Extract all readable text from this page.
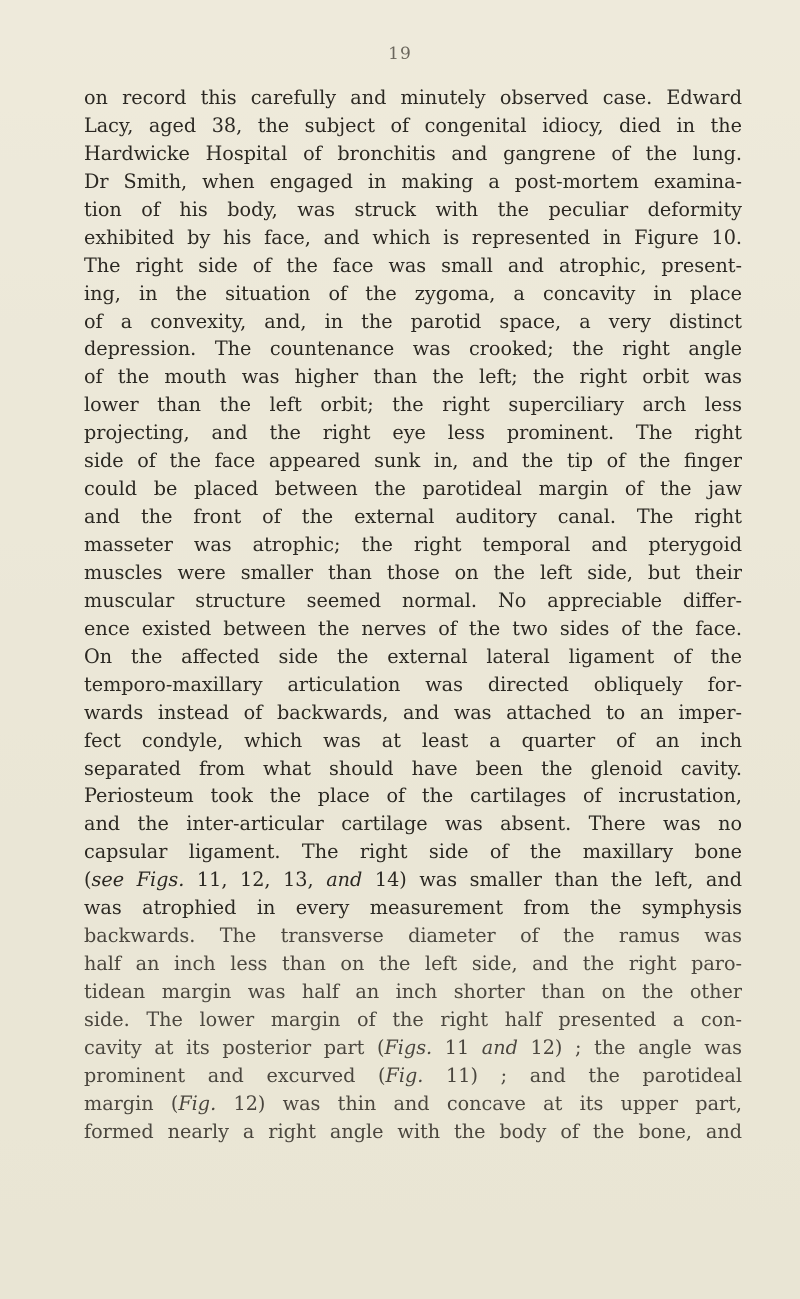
19
on record this carefully and minutely observed case. Edward
Lacy, aged 38, the subject of congenital idiocy, died in the
Hardwicke Hospital of bronchitis and gangrene of the lung.
Dr Smith, when engaged in making a post-mortem examina-
tion of his body, was struck with the peculiar deformity
exhibited by his face, and which is represented in Figure 10.
The right side of the face was small and atrophic, present-
ing, in the situation of the zygoma, a concavity in place
of a convexity, and, in the parotid space, a very distinct
depression. The countenance was crooked; the right angle
of the mouth was higher than the left; the right orbit was
lower than the left orbit; the right superciliary arch less
projecting, and the right eye less prominent. The right
side of the face appeared sunk in, and the tip of the finger
could be placed between the parotideal margin of the jaw
and the front of the external auditory canal. The right
masseter was atrophic; the right temporal and pterygoid
muscles were smaller than those on the left side, but their
muscular structure seemed normal. No appreciable differ-
ence existed between the nerves of the two sides of the face.
On the affected side the external lateral ligament of the
temporo-maxillary articulation was directed obliquely for-
wards instead of backwards, and was attached to an imper-
fect condyle, which was at least a quarter of an inch
separated from what should have been the glenoid cavity.
Periosteum took the place of the cartilages of incrustation,
and the inter-articular cartilage was absent. There was no
capsular ligament. The right side of the maxillary bone
(see Figs. 11, 12, 13, and 14) was smaller than the left, and
was atrophied in every measurement from the symphysis
backwards. The transverse diameter of the ramus was
half an inch less than on the left side, and the right paro-
tidean margin was half an inch shorter than on the other
side. The lower margin of the right half presented a con-
cavity at its posterior part (Figs. 11 and 12) ; the angle was
prominent and excurved (Fig. 11) ; and the parotideal
margin (Fig. 12) was thin and concave at its upper part,
formed nearly a right angle with the body of the bone, and
